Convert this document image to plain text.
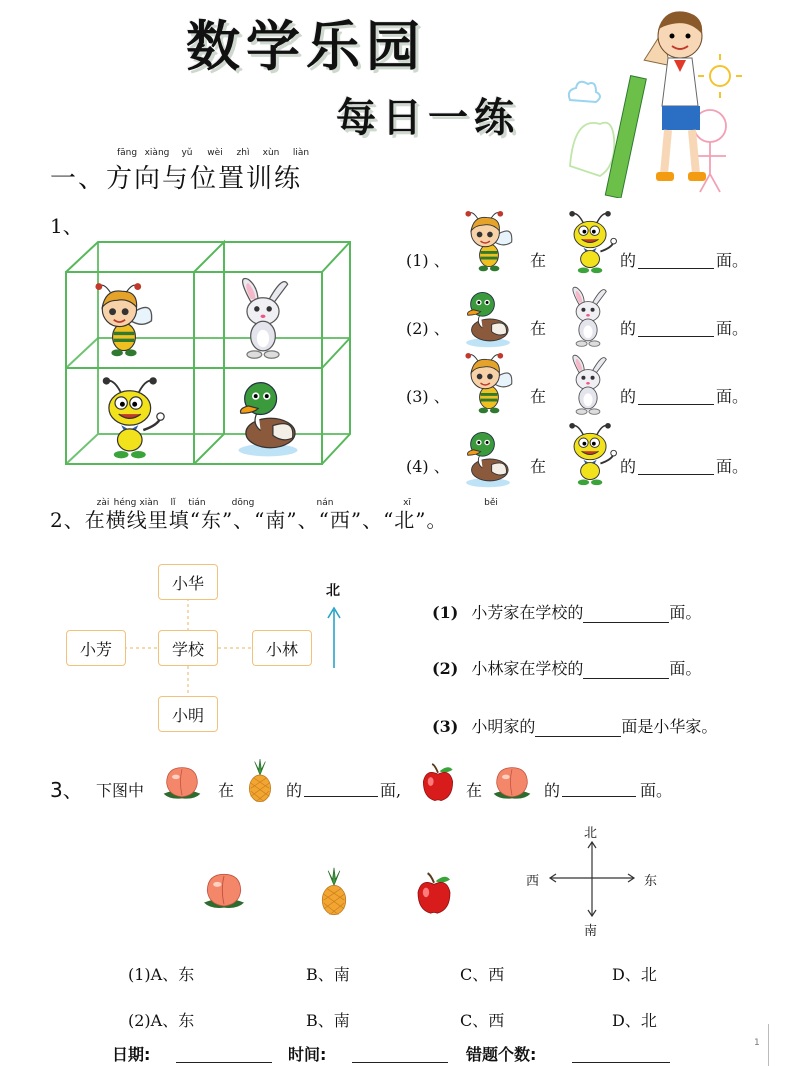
数学乐园
每日一练
fāng xiàng	yǔ	wèi	zhì	xùn	liàn
一、方向与位置训练
1、
(1) 、	在	的	面。
(2) 、	在	的	面。
(3) 、	在	的	面。
(4) 、	在	的	面。
zài héng xiàn	lǐ	tián	dōng	nán	xī	běi
2、在横线里填“东”、“南”、“西”、“北”。
小华
小芳	学校	小林
小明
北
(1) 小芳家在学校的	面。
(2) 小林家在学校的	面。
(3) 小明家的	面是小华家。
3、 下图中	在	的	面,	在	的	面。
北
南
西	东
(1)A、东	B、南	C、西	D、北
(2)A、东	B、南	C、西	D、北
日期:	时间:	错题个数:
1
